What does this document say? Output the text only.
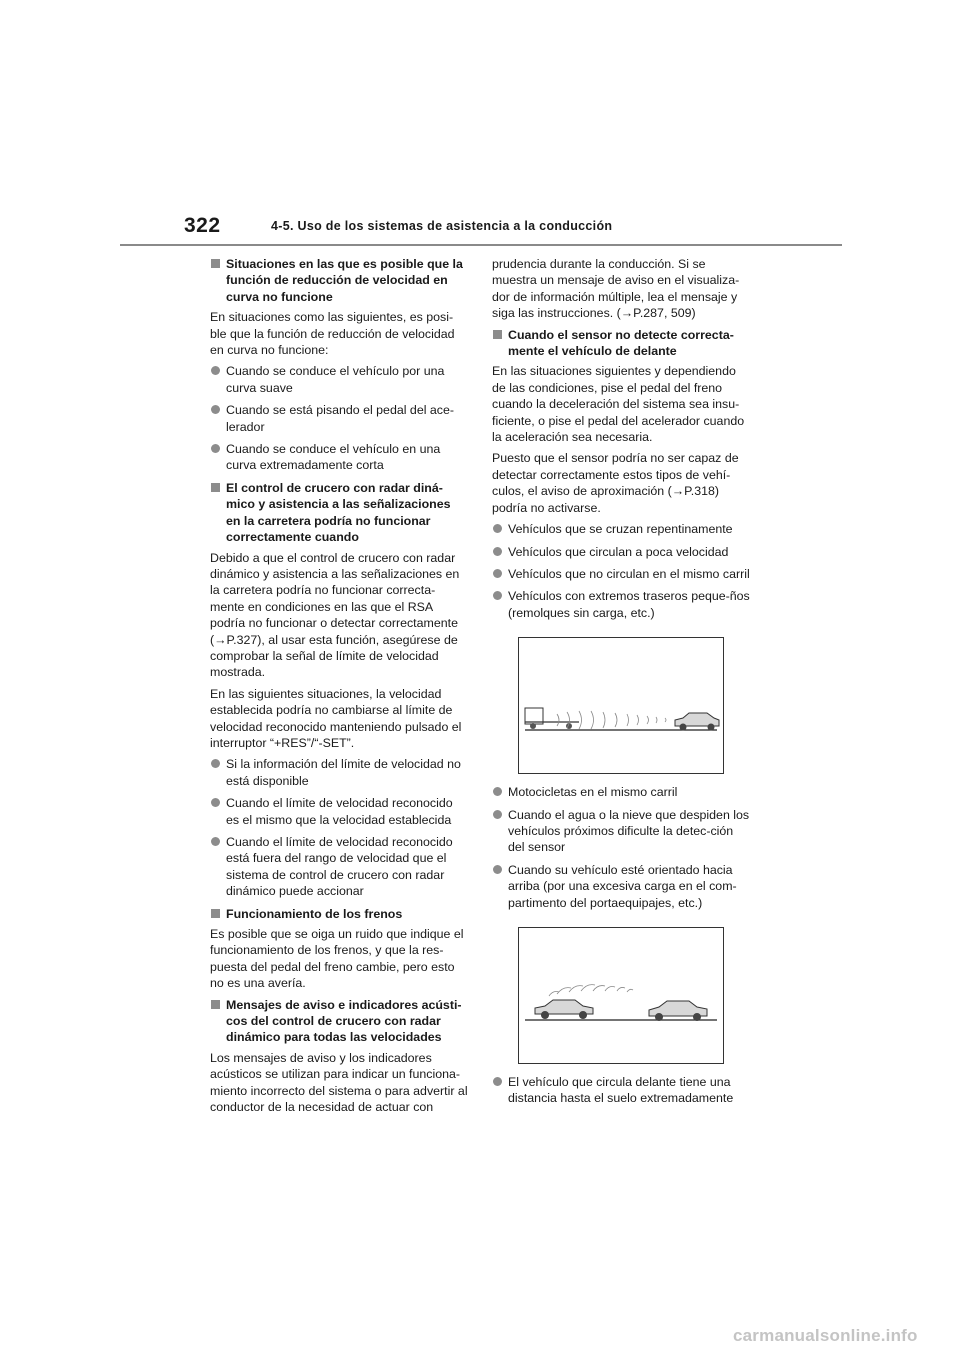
322	4-5. Uso de los sistemas de asistencia a la conducción
Situaciones en las que es posible que la función de reducción de velocidad en curva no funcione
En situaciones como las siguientes, es posi-ble que la función de reducción de velocidad en curva no funcione:
Cuando se conduce el vehículo por una curva suave
Cuando se está pisando el pedal del ace-lerador
Cuando se conduce el vehículo en una curva extremadamente corta
El control de crucero con radar diná-mico y asistencia a las señalizaciones en la carretera podría no funcionar correctamente cuando
Debido a que el control de crucero con radar dinámico y asistencia a las señalizaciones en la carretera podría no funcionar correcta-mente en condiciones en las que el RSA podría no funcionar o detectar correctamente (→P.327), al usar esta función, asegúrese de comprobar la señal de límite de velocidad mostrada.
En las siguientes situaciones, la velocidad establecida podría no cambiarse al límite de velocidad reconocido manteniendo pulsado el interruptor “+RES”/“-SET”.
Si la información del límite de velocidad no está disponible
Cuando el límite de velocidad reconocido es el mismo que la velocidad establecida
Cuando el límite de velocidad reconocido está fuera del rango de velocidad que el sistema de control de crucero con radar dinámico puede accionar
Funcionamiento de los frenos
Es posible que se oiga un ruido que indique el funcionamiento de los frenos, y que la res-puesta del pedal del freno cambie, pero esto no es una avería.
Mensajes de aviso e indicadores acústi-cos del control de crucero con radar dinámico para todas las velocidades
Los mensajes de aviso y los indicadores acústicos se utilizan para indicar un funciona-miento incorrecto del sistema o para advertir al conductor de la necesidad de actuar con
prudencia durante la conducción. Si se muestra un mensaje de aviso en el visualiza-dor de información múltiple, lea el mensaje y siga las instrucciones. (→P.287, 509)
Cuando el sensor no detecte correcta-mente el vehículo de delante
En las situaciones siguientes y dependiendo de las condiciones, pise el pedal del freno cuando la deceleración del sistema sea insu-ficiente, o pise el pedal del acelerador cuando la aceleración sea necesaria.
Puesto que el sensor podría no ser capaz de detectar correctamente estos tipos de vehí-culos, el aviso de aproximación (→P.318) podría no activarse.
Vehículos que se cruzan repentinamente
Vehículos que circulan a poca velocidad
Vehículos que no circulan en el mismo carril
Vehículos con extremos traseros peque-ños (remolques sin carga, etc.)
Motocicletas en el mismo carril
Cuando el agua o la nieve que despiden los vehículos próximos dificulte la detec-ción del sensor
Cuando su vehículo esté orientado hacia arriba (por una excesiva carga en el com-partimento del portaequipajes, etc.)
El vehículo que circula delante tiene una distancia hasta el suelo extremadamente
carmanualsonline.info
